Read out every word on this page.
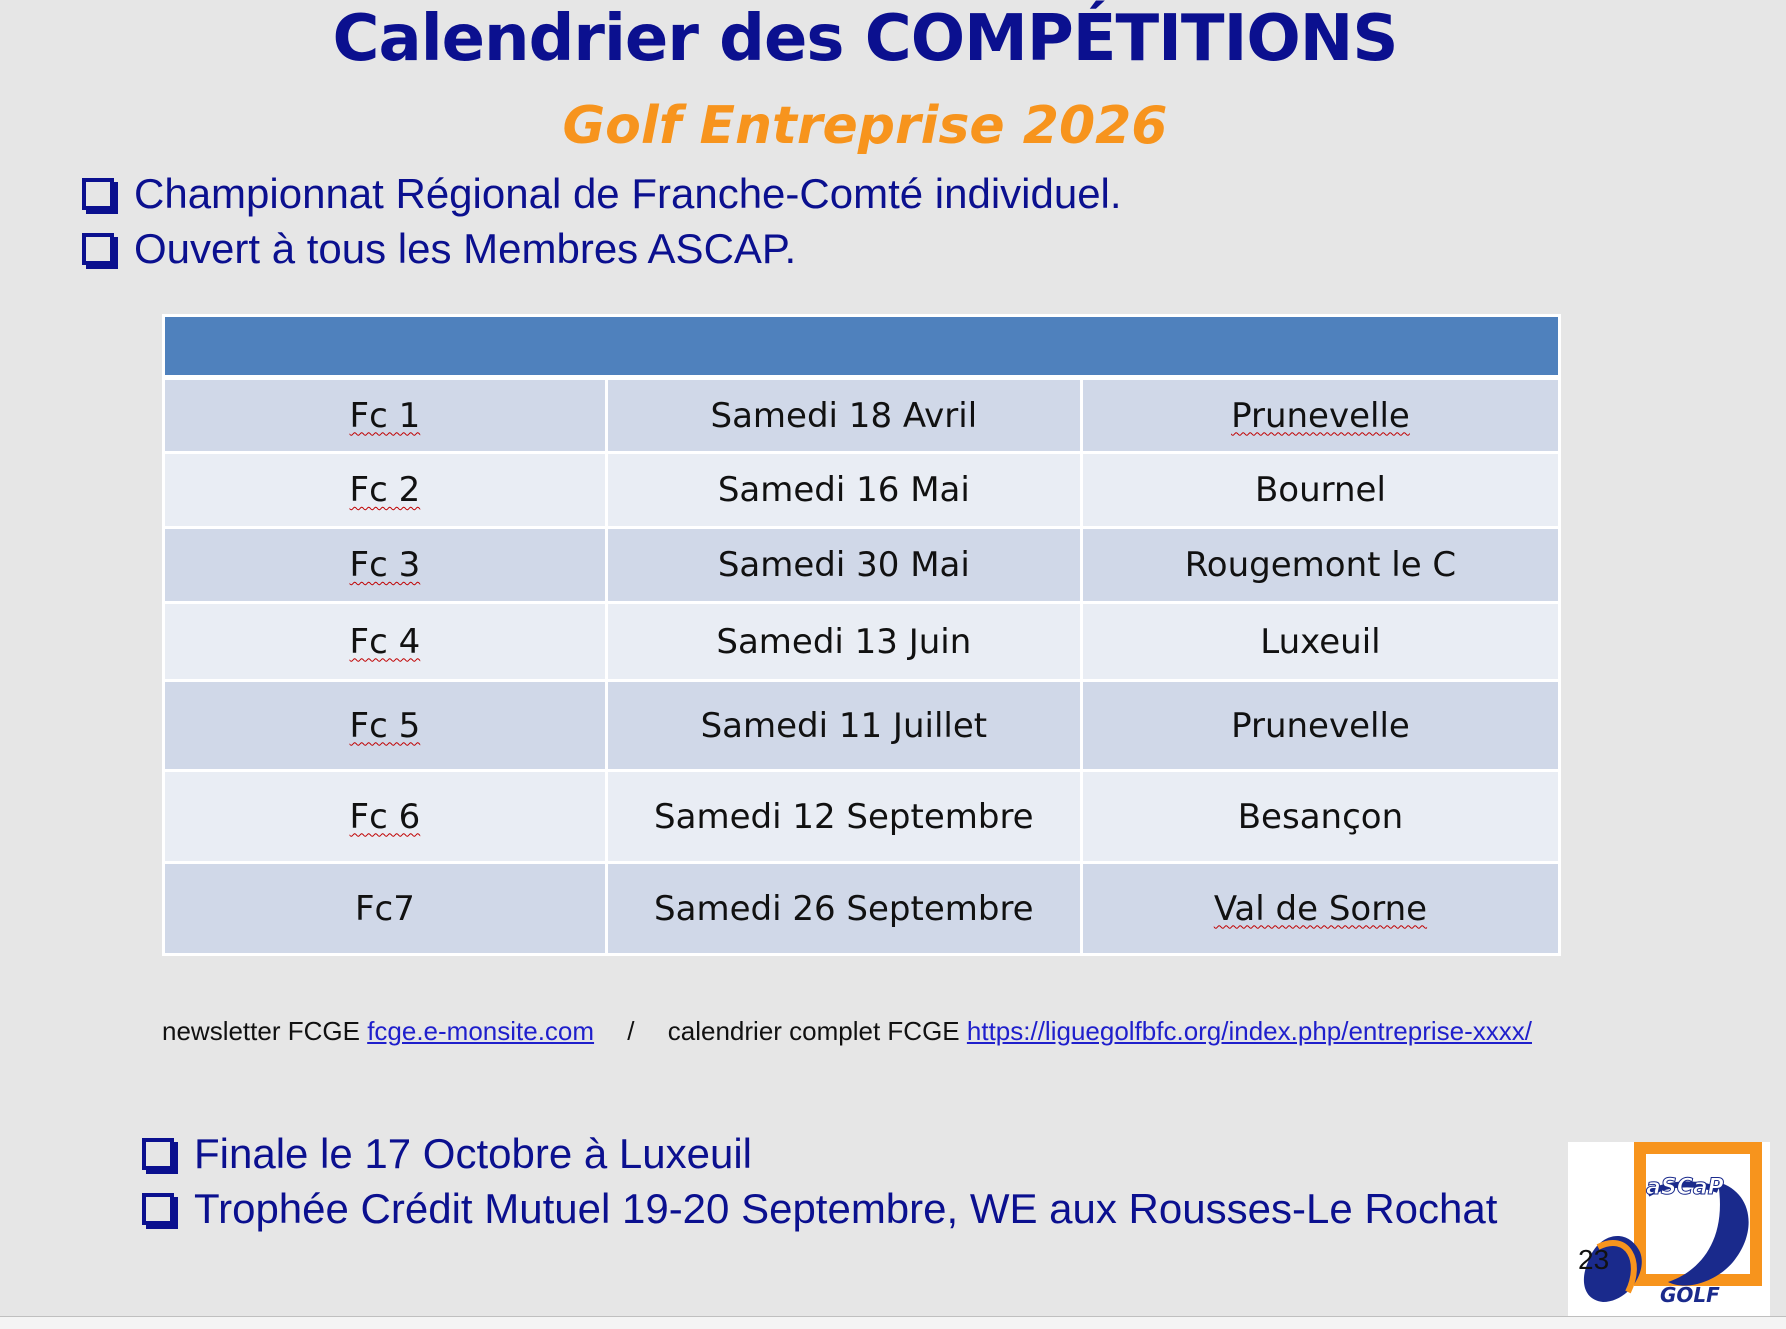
Calendrier des COMPÉTITIONS
Golf Entreprise 2026
Championnat Régional de Franche-Comté individuel.
Ouvert à tous les Membres ASCAP.

Fc 1	Samedi 18 Avril	Prunevelle
Fc 2	Samedi 16 Mai	Bournel
Fc 3	Samedi 30 Mai	Rougemont le C
Fc 4	Samedi 13 Juin	Luxeuil
Fc 5	Samedi 11 Juillet	Prunevelle
Fc 6	Samedi 12 Septembre	Besançon
Fc7	Samedi 26 Septembre	Val de Sorne
newsletter FCGE fcge.e-monsite.com / calendrier complet FCGE https://liguegolfbfc.org/index.php/entreprise-xxxx/
Finale le 17 Octobre à Luxeuil
Trophée Crédit Mutuel 19-20 Septembre, WE aux Rousses-Le Rochat	aSCaP
GOLF
23
